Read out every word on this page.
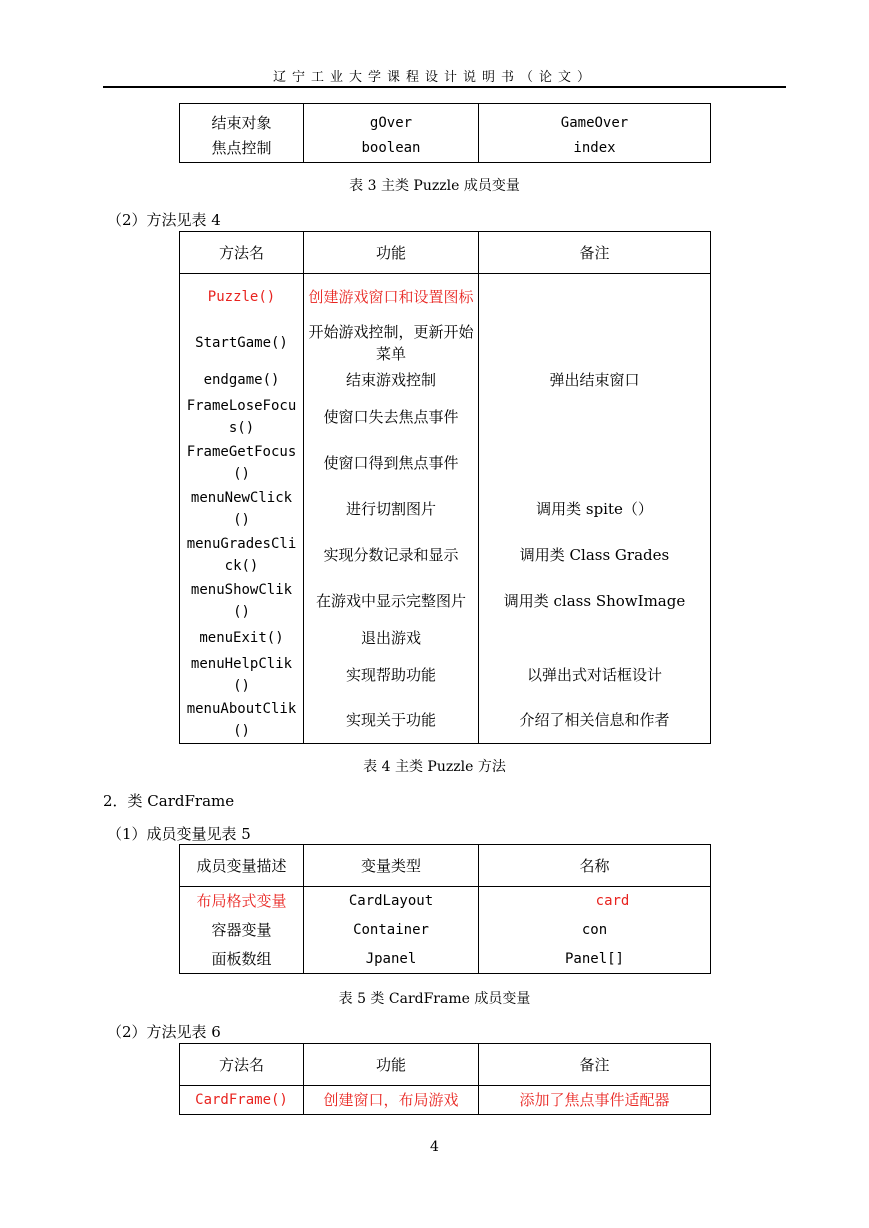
辽宁工业大学课程设计说明书（论文）
结束对象	gOver	GameOver
焦点控制	boolean	index
表 3 主类 Puzzle 成员变量
（2）方法见表 4
方法名	功能	备注
Puzzle()	创建游戏窗口和设置图标	
StartGame()	开始游戏控制，更新开始菜单	
endgame()	结束游戏控制	弹出结束窗口
FrameLoseFocus()	使窗口失去焦点事件	
FrameGetFocus ()	使窗口得到焦点事件	
menuNewClick()	进行切割图片	调用类 spite（）
menuGradesClick()	实现分数记录和显示	调用类 Class Grades
menuShowClik()	在游戏中显示完整图片	调用类 class ShowImage
menuExit()	退出游戏	
menuHelpClik()	实现帮助功能	以弹出式对话框设计
menuAboutClik()	实现关于功能	介绍了相关信息和作者
表 4 主类 Puzzle 方法
2．类 CardFrame
（1）成员变量见表 5
成员变量描述	变量类型	名称
布局格式变量	CardLayout	card
容器变量	Container	con
面板数组	Jpanel	Panel[]
表 5 类 CardFrame 成员变量
（2）方法见表 6
方法名	功能	备注
CardFrame()	创建窗口，布局游戏	添加了焦点事件适配器
4
